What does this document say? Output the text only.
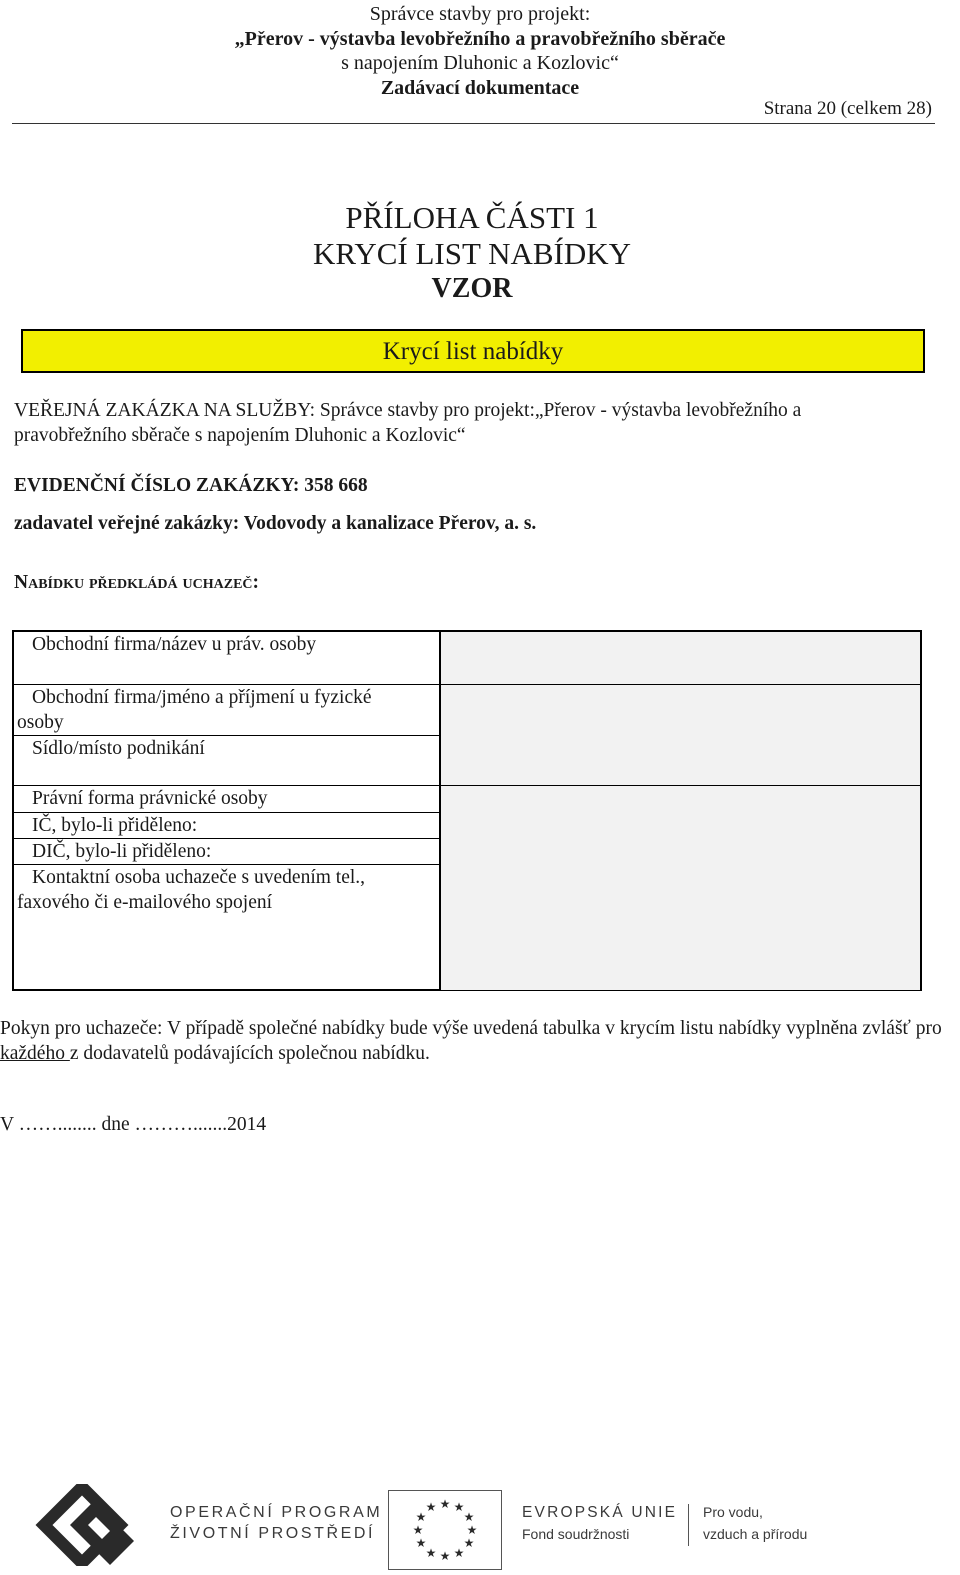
Správce stavby pro projekt:
„Přerov - výstavba levobřežního a pravobřežního sběrače
s napojením Dluhonic a Kozlovic“
Zadávací dokumentace
Strana 20 (celkem 28)
PŘÍLOHA ČÁSTI 1
KRYCÍ LIST NABÍDKY
VZOR
Krycí list nabídky
VEŘEJNÁ ZAKÁZKA NA SLUŽBY: Správce stavby pro projekt:„Přerov - výstavba levobřežního a
pravobřežního sběrače s napojením Dluhonic a Kozlovic“
EVIDENČNÍ ČÍSLO ZAKÁZKY: 358 668
zadavatel veřejné zakázky: Vodovody a kanalizace Přerov, a. s.
Nabídku předkládá uchazeč:
Obchodní firma/název u práv. osoby	
Obchodní firma/jméno a příjmení u fyzické
osoby	
Sídlo/místo podnikání	
Právní forma právnické osoby	
IČ, bylo-li přiděleno:	
DIČ, bylo-li přiděleno:	
Kontaktní osoba uchazeče s uvedením tel.,
faxového či e-mailového spojení	
Pokyn pro uchazeče: V případě společné nabídky bude výše uvedená tabulka v krycím listu nabídky vyplněna zvlášť pro každého z dodavatelů podávajících společnou nabídku.
V ……........ dne ……….......2014
OPERAČNÍ PROGRAM
ŽIVOTNÍ PROSTŘEDÍ
★ ★
★
★
★
★
★
★
★
★
★
★	EVROPSKÁ UNIE
Fond soudržnosti
Pro vodu,
vzduch a přírodu
